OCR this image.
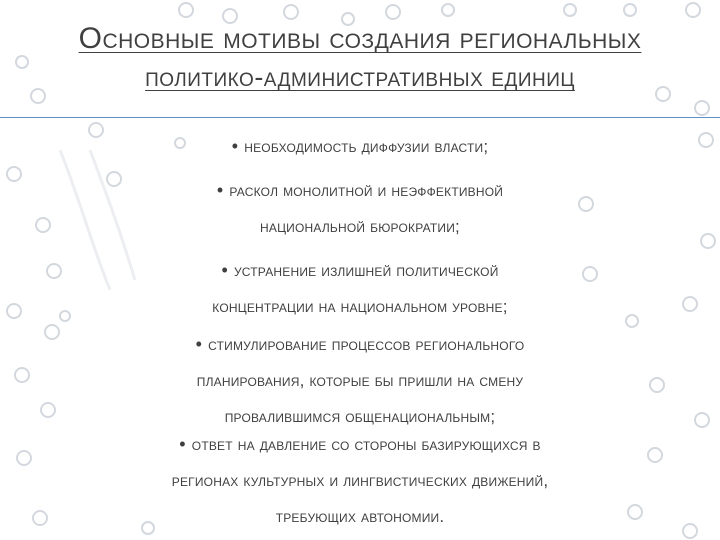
Основные мотивы создания региональных
политико-административных единиц
• необходимость диффузии власти;
• раскол монолитной и неэффективной
национальной бюрократии;
• устранение излишней политической
концентрации на национальном уровне;
• стимулирование процессов регионального
планирования, которые бы пришли на смену
провалившимся общенациональным;
• ответ на давление со стороны базирующихся в
регионах культурных и лингвистических движений,
требующих автономии.
